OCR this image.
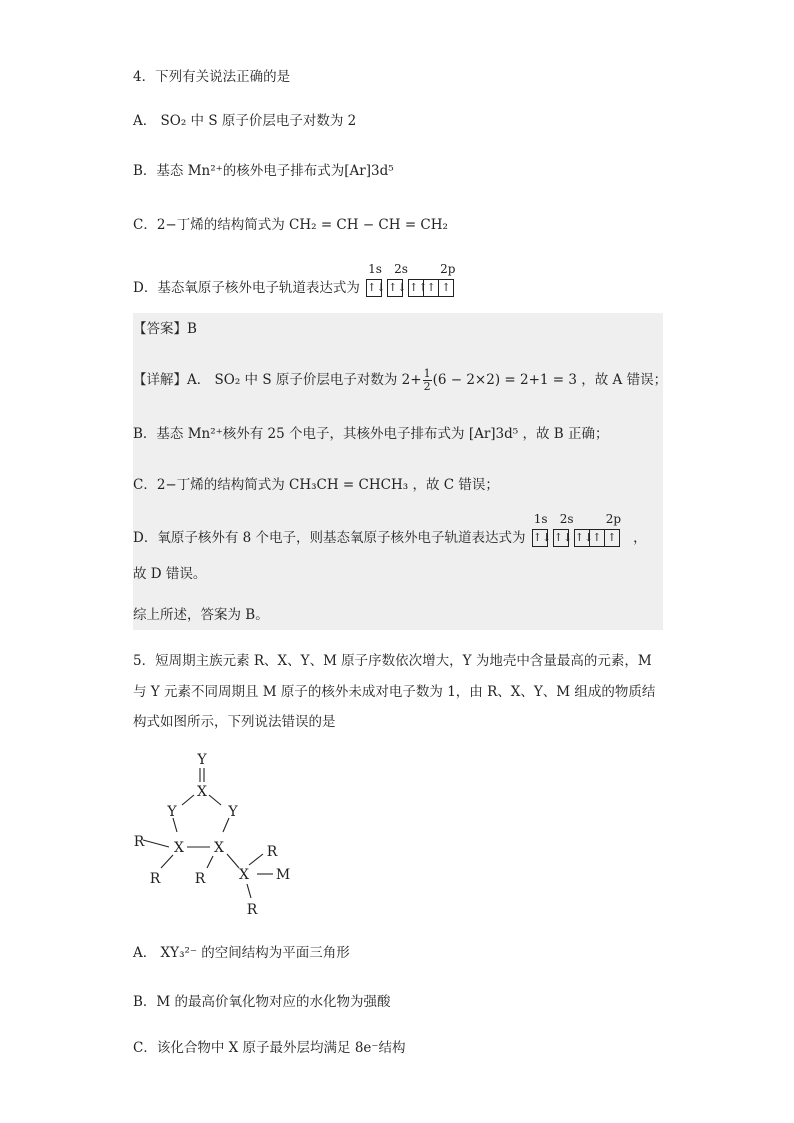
4．下列有关说法正确的是
A． SO₂ 中 S 原子价层电子对数为 2
B．基态 Mn²⁺的核外电子排布式为[Ar]3d⁵
C．2−丁烯的结构简式为 CH₂ = CH − CH = CH₂
D．基态氧原子核外电子轨道表达式为
1s 2s	2p
↑↓ ↑↓ ↑↑↑ ↑
【答案】B
【详解】A． SO₂ 中 S 原子价层电子对数为 $2+ \frac{1}{2} (6 - 2\times 2) = 2+1 = 3$ ，故 A 错误；
B．基态 Mn²⁺核外有 25 个电子，其核外电子排布式为 [Ar]3d⁵ ，故 B 正确；
C．2−丁烯的结构简式为 CH₃CH = CHCH₃ ，故 C 错误；
D．氧原子核外有 8 个电子，则基态氧原子核外电子轨道表达式为
1s 2s	2p
↑↓ ↑↓ ↑↓↑ ↑ ，
故 D 错误。
综上所述，答案为 B。
5．短周期主族元素 R、X、Y、M 原子序数依次增大，Y 为地壳中含量最高的元素，M
与 Y 元素不同周期且 M 原子的核外未成对电子数为 1，由 R、X、Y、M 组成的物质结
构式如图所示，下列说法错误的是
Y
X
Y	Y
R X X	R
R	X
R	M
R
A． XY₃²⁻ 的空间结构为平面三角形
B．M 的最高价氧化物对应的水化物为强酸
C．该化合物中 X 原子最外层均满足 8e⁻结构
